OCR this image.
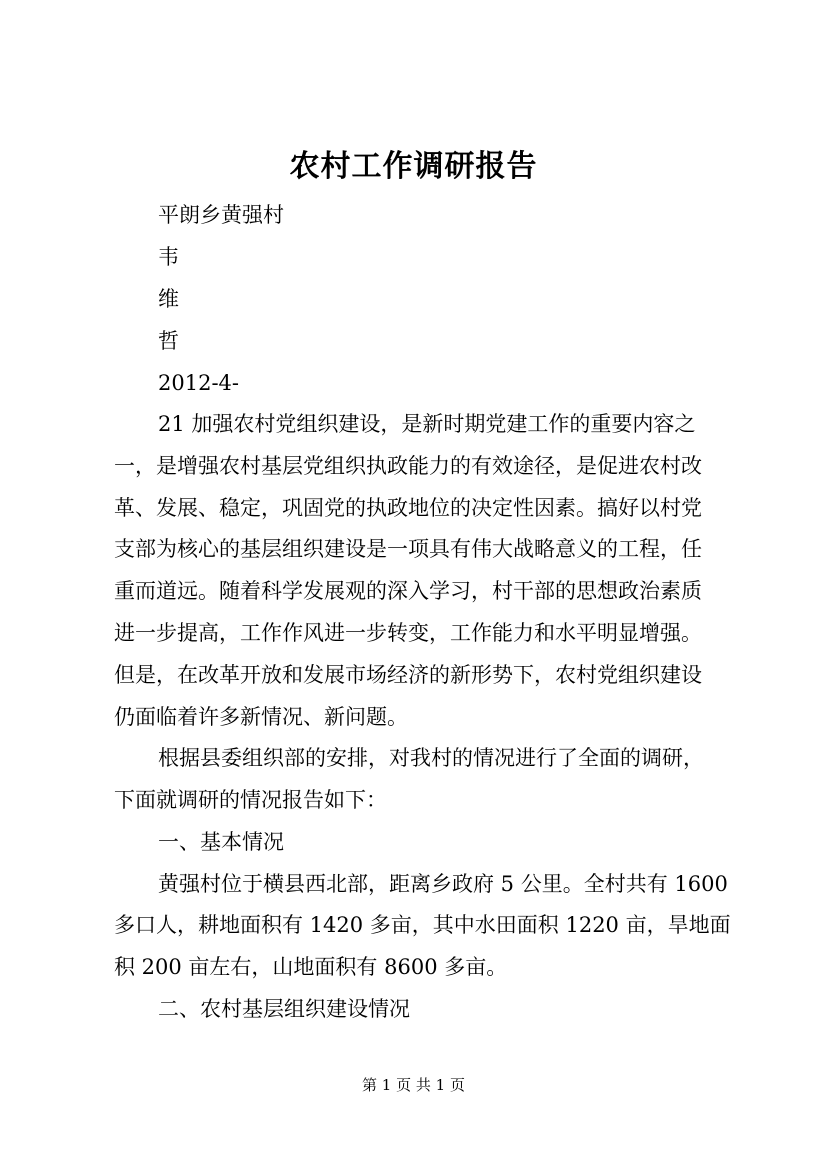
农村工作调研报告
平朗乡黄强村
韦
维
哲
2012-4-
21 加强农村党组织建设，是新时期党建工作的重要内容之
一，是增强农村基层党组织执政能力的有效途径，是促进农村改
革、发展、稳定，巩固党的执政地位的决定性因素。搞好以村党
支部为核心的基层组织建设是一项具有伟大战略意义的工程，任
重而道远。随着科学发展观的深入学习，村干部的思想政治素质
进一步提高，工作作风进一步转变，工作能力和水平明显增强。
但是，在改革开放和发展市场经济的新形势下，农村党组织建设
仍面临着许多新情况、新问题。
根据县委组织部的安排，对我村的情况进行了全面的调研，
下面就调研的情况报告如下：
一、基本情况
黄强村位于横县西北部，距离乡政府 5 公里。全村共有 1600
多口人，耕地面积有 1420 多亩，其中水田面积 1220 亩，旱地面
积 200 亩左右，山地面积有 8600 多亩。
二、农村基层组织建设情况
第 1 页 共 1 页
